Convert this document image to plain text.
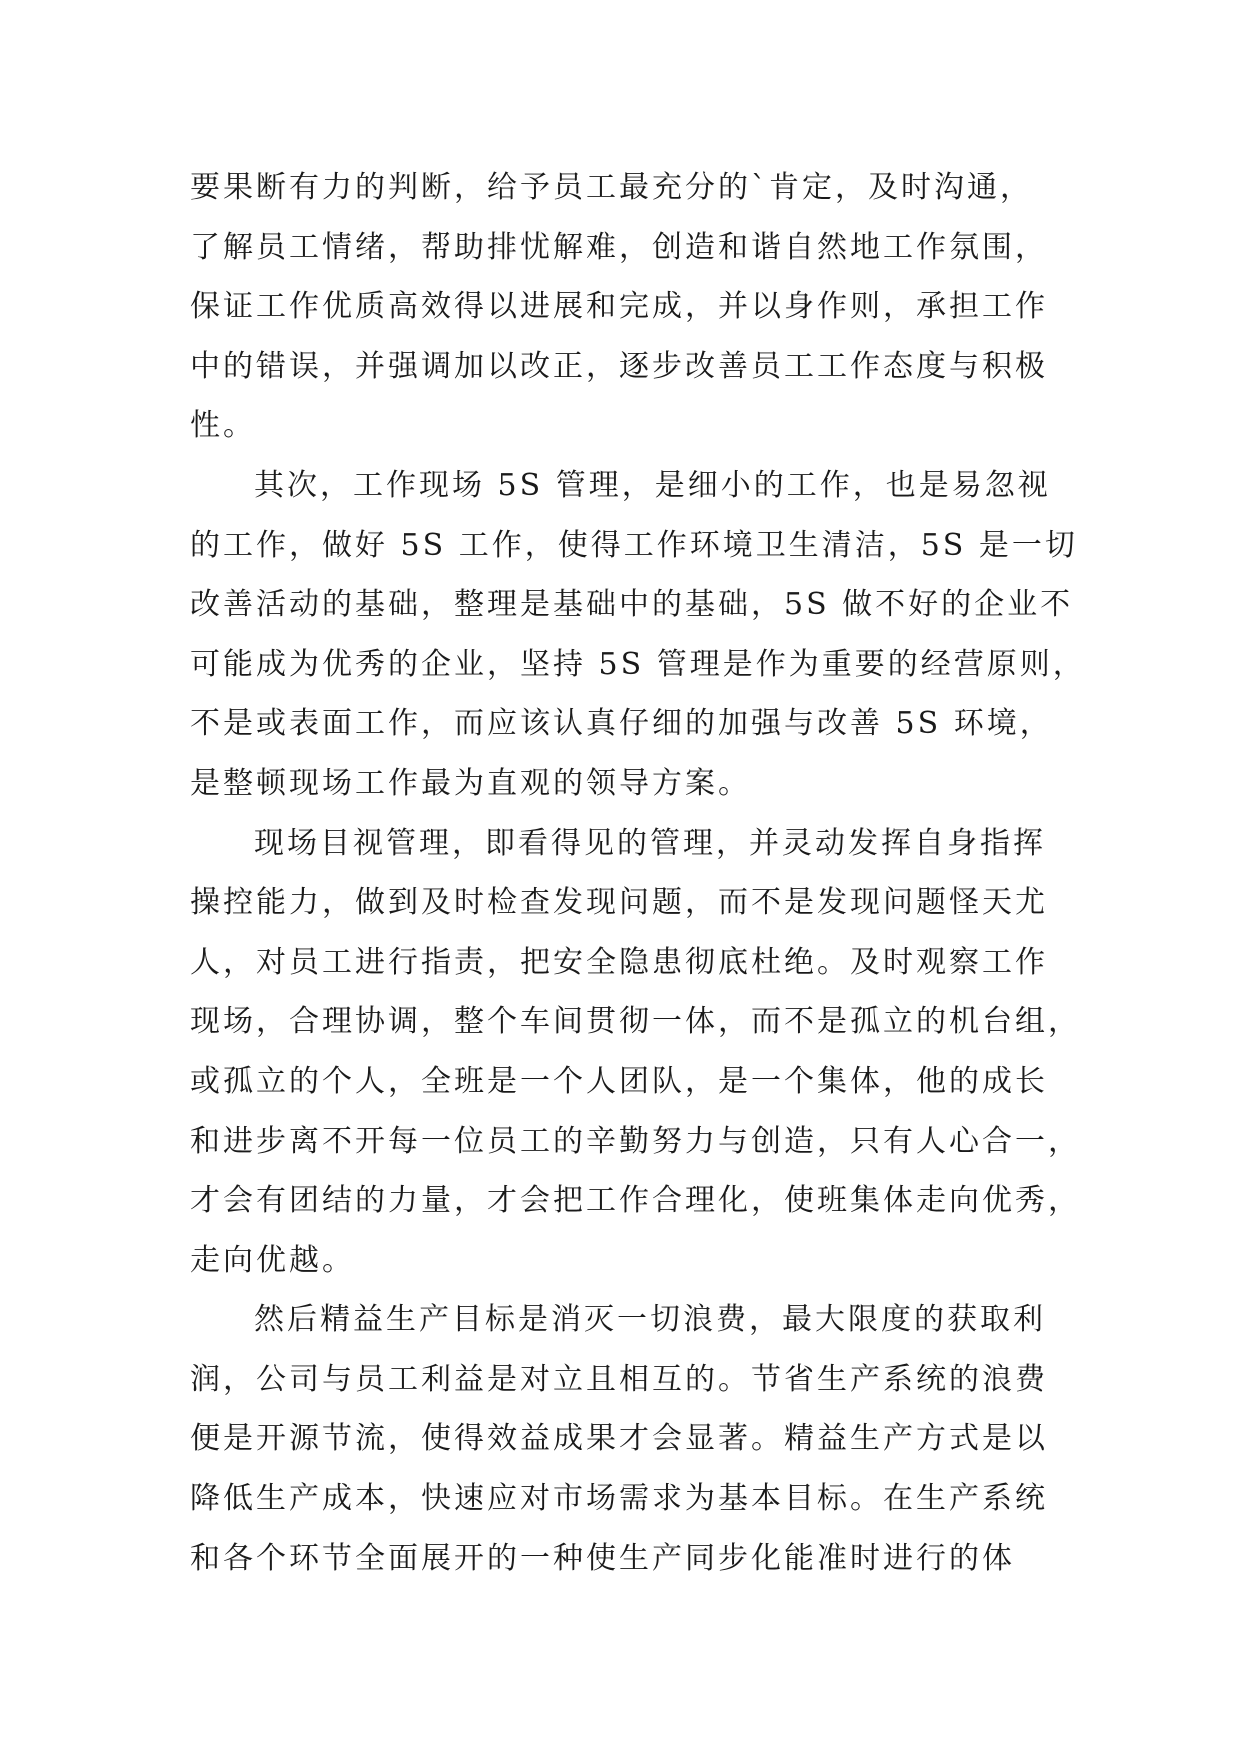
要果断有力的判断，给予员工最充分的`肯定，及时沟通，
了解员工情绪，帮助排忧解难，创造和谐自然地工作氛围，
保证工作优质高效得以进展和完成，并以身作则，承担工作
中的错误，并强调加以改正，逐步改善员工工作态度与积极
性。
其次，工作现场 5S 管理，是细小的工作，也是易忽视
的工作，做好 5S 工作，使得工作环境卫生清洁，5S 是一切
改善活动的基础，整理是基础中的基础，5S 做不好的企业不
可能成为优秀的企业，坚持 5S 管理是作为重要的经营原则，
不是或表面工作，而应该认真仔细的加强与改善 5S 环境，
是整顿现场工作最为直观的领导方案。
现场目视管理，即看得见的管理，并灵动发挥自身指挥
操控能力，做到及时检查发现问题，而不是发现问题怪天尤
人，对员工进行指责，把安全隐患彻底杜绝。及时观察工作
现场，合理协调，整个车间贯彻一体，而不是孤立的机台组，
或孤立的个人，全班是一个人团队，是一个集体，他的成长
和进步离不开每一位员工的辛勤努力与创造，只有人心合一，
才会有团结的力量，才会把工作合理化，使班集体走向优秀，
走向优越。
然后精益生产目标是消灭一切浪费，最大限度的获取利
润，公司与员工利益是对立且相互的。节省生产系统的浪费
便是开源节流，使得效益成果才会显著。精益生产方式是以
降低生产成本，快速应对市场需求为基本目标。在生产系统
和各个环节全面展开的一种使生产同步化能准时进行的体
